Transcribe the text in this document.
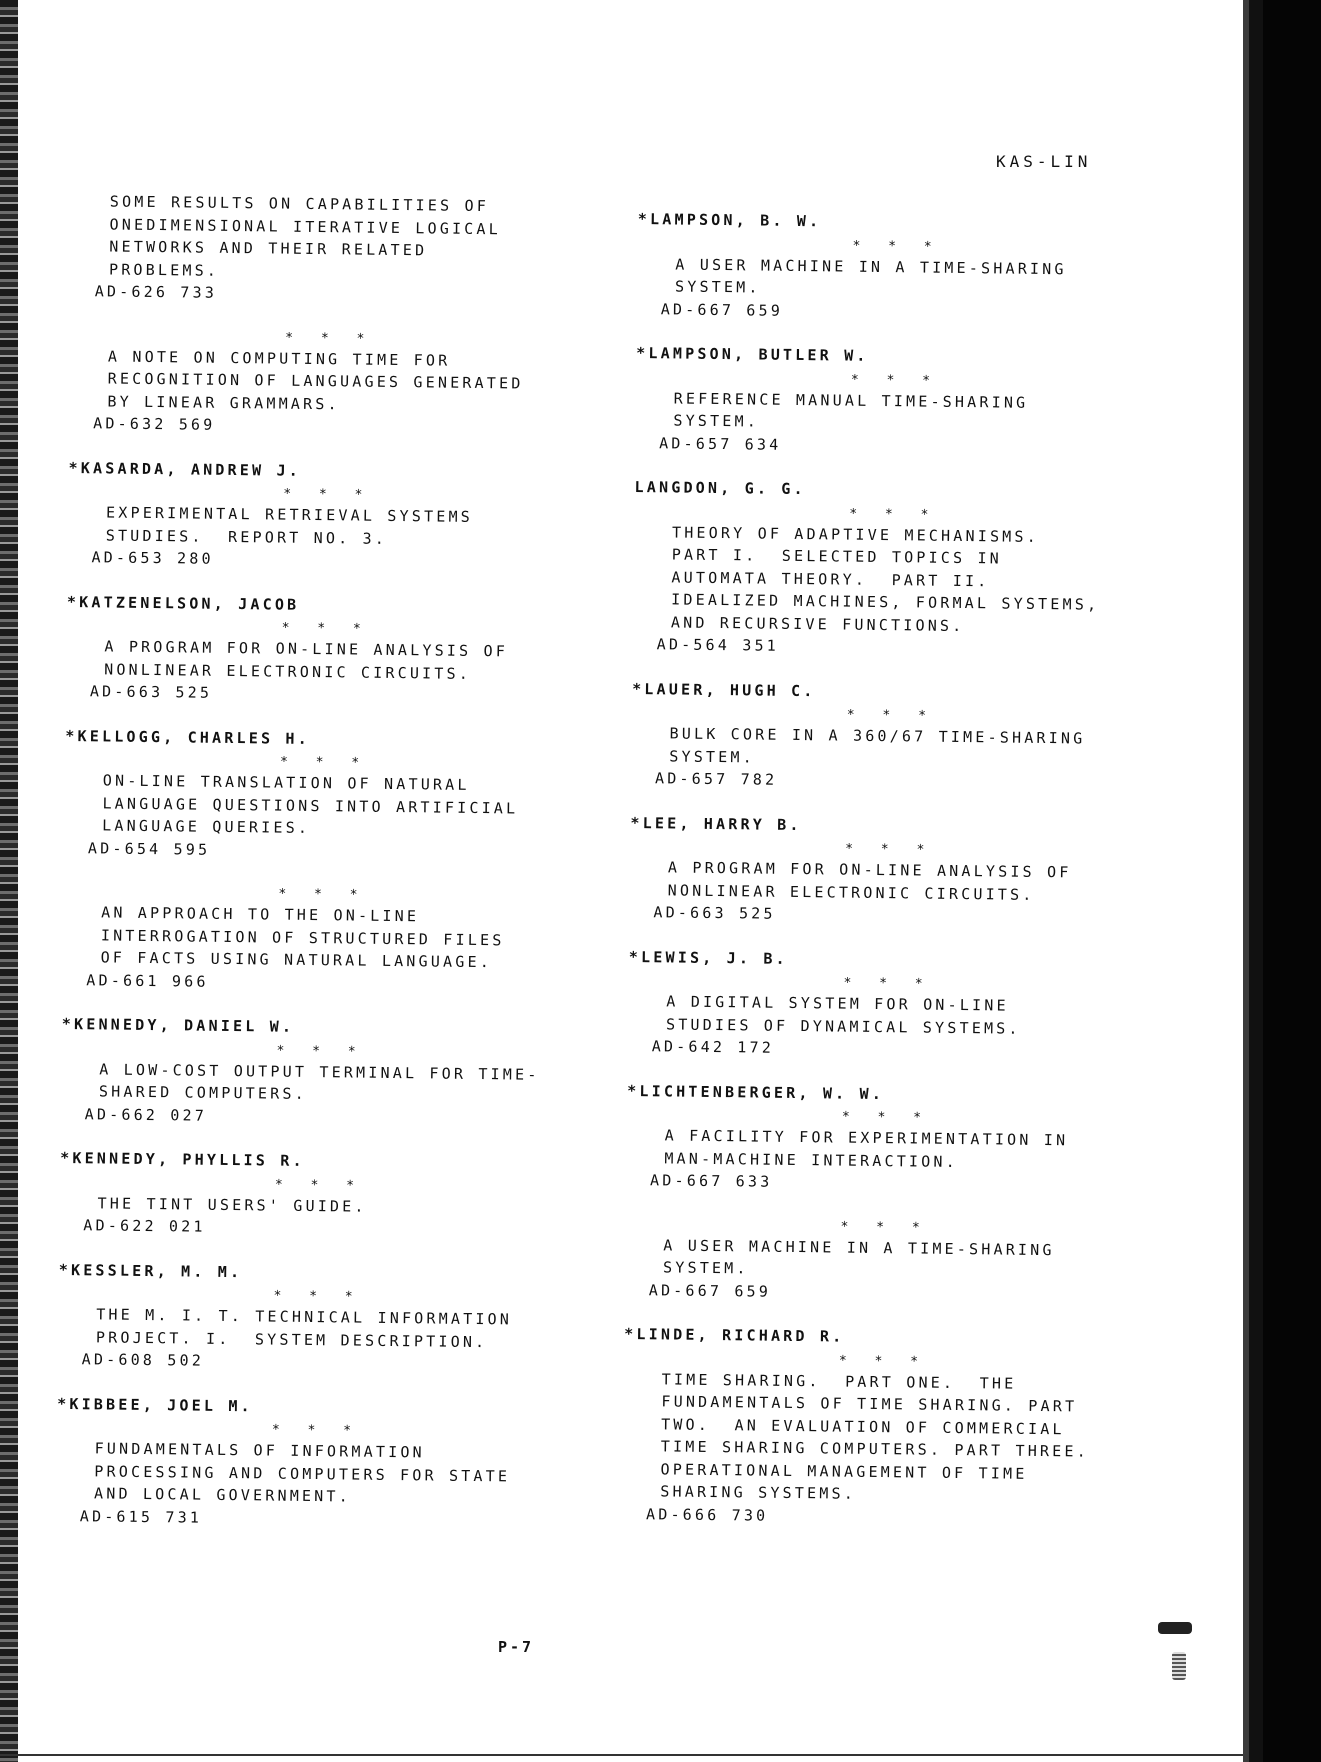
KAS-LIN
SOME RESULTS ON CAPABILITIES OF
ONEDIMENSIONAL ITERATIVE LOGICAL
NETWORKS AND THEIR RELATED
PROBLEMS.
AD-626 733
* * *
A NOTE ON COMPUTING TIME FOR
RECOGNITION OF LANGUAGES GENERATED
BY LINEAR GRAMMARS.
AD-632 569
*KASARDA, ANDREW J.
* * *
EXPERIMENTAL RETRIEVAL SYSTEMS
STUDIES.  REPORT NO. 3.
AD-653 280
*KATZENELSON, JACOB
* * *
A PROGRAM FOR ON-LINE ANALYSIS OF
NONLINEAR ELECTRONIC CIRCUITS.
AD-663 525
*KELLOGG, CHARLES H.
* * *
ON-LINE TRANSLATION OF NATURAL
LANGUAGE QUESTIONS INTO ARTIFICIAL
LANGUAGE QUERIES.
AD-654 595
* * *
AN APPROACH TO THE ON-LINE
INTERROGATION OF STRUCTURED FILES
OF FACTS USING NATURAL LANGUAGE.
AD-661 966
*KENNEDY, DANIEL W.
* * *
A LOW-COST OUTPUT TERMINAL FOR TIME-
SHARED COMPUTERS.
AD-662 027
*KENNEDY, PHYLLIS R.
* * *
THE TINT USERS' GUIDE.
AD-622 021
*KESSLER, M. M.
* * *
THE M. I. T. TECHNICAL INFORMATION
PROJECT. I.  SYSTEM DESCRIPTION.
AD-608 502
*KIBBEE, JOEL M.
* * *
FUNDAMENTALS OF INFORMATION
PROCESSING AND COMPUTERS FOR STATE
AND LOCAL GOVERNMENT.
AD-615 731
*LAMPSON, B. W.
* * *
A USER MACHINE IN A TIME-SHARING
SYSTEM.
AD-667 659
*LAMPSON, BUTLER W.
* * *
REFERENCE MANUAL TIME-SHARING
SYSTEM.
AD-657 634
LANGDON, G. G.
* * *
THEORY OF ADAPTIVE MECHANISMS.
PART I.  SELECTED TOPICS IN
AUTOMATA THEORY.  PART II.
IDEALIZED MACHINES, FORMAL SYSTEMS,
AND RECURSIVE FUNCTIONS.
AD-564 351
*LAUER, HUGH C.
* * *
BULK CORE IN A 360/67 TIME-SHARING
SYSTEM.
AD-657 782
*LEE, HARRY B.
* * *
A PROGRAM FOR ON-LINE ANALYSIS OF
NONLINEAR ELECTRONIC CIRCUITS.
AD-663 525
*LEWIS, J. B.
* * *
A DIGITAL SYSTEM FOR ON-LINE
STUDIES OF DYNAMICAL SYSTEMS.
AD-642 172
*LICHTENBERGER, W. W.
* * *
A FACILITY FOR EXPERIMENTATION IN
MAN-MACHINE INTERACTION.
AD-667 633
* * *
A USER MACHINE IN A TIME-SHARING
SYSTEM.
AD-667 659
*LINDE, RICHARD R.
* * *
TIME SHARING.  PART ONE.  THE
FUNDAMENTALS OF TIME SHARING. PART
TWO.  AN EVALUATION OF COMMERCIAL
TIME SHARING COMPUTERS. PART THREE.
OPERATIONAL MANAGEMENT OF TIME
SHARING SYSTEMS.
AD-666 730
P-7
